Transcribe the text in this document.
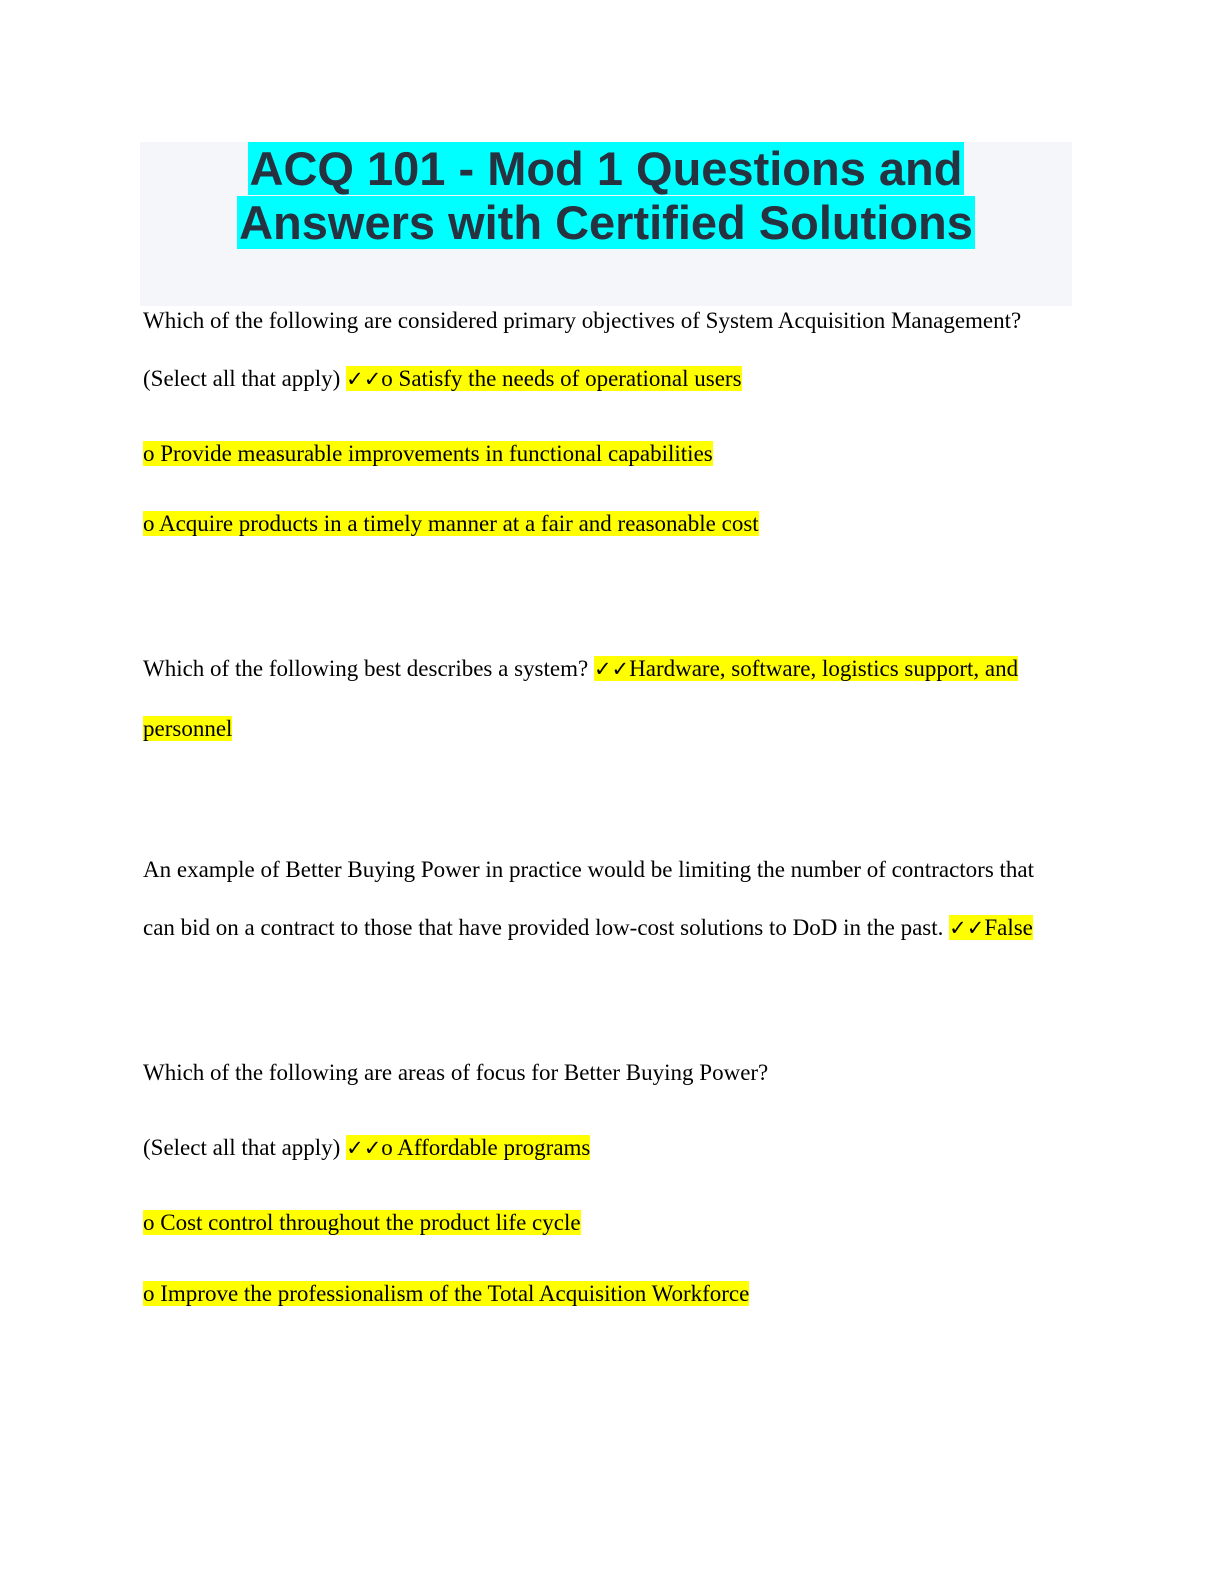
ACQ 101 - Mod 1 Questions and
Answers with Certified Solutions

Which of the following are considered primary objectives of System Acquisition Management?

(Select all that apply) ✓✓o Satisfy the needs of operational users

o Provide measurable improvements in functional capabilities

o Acquire products in a timely manner at a fair and reasonable cost

Which of the following best describes a system? ✓✓Hardware, software, logistics support, and

personnel

An example of Better Buying Power in practice would be limiting the number of contractors that

can bid on a contract to those that have provided low-cost solutions to DoD in the past. ✓✓False

Which of the following are areas of focus for Better Buying Power?

(Select all that apply) ✓✓o Affordable programs

o Cost control throughout the product life cycle

o Improve the professionalism of the Total Acquisition Workforce
